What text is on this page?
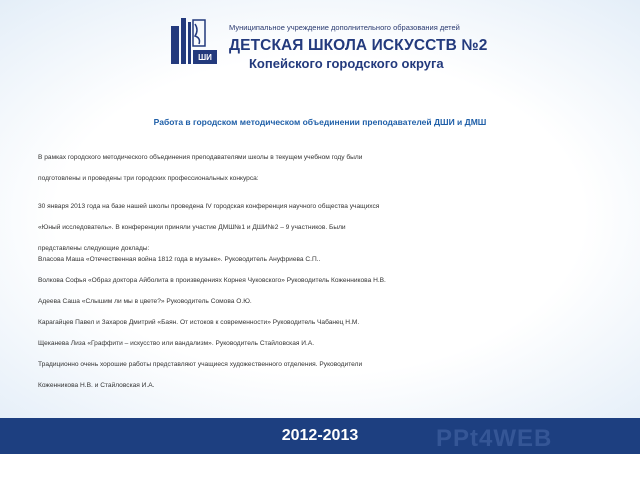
ШИ
Муниципальное учреждение дополнительного образования детей
ДЕТСКАЯ ШКОЛА ИСКУССТВ №2
Копейского городского округа
Работа в городском методическом объединении преподавателей ДШИ и ДМШ

В рамках городского методического объединения преподавателями школы в текущем учебном году были

подготовлены и проведены три городских профессиональных конкурса:

30 января 2013 года на базе нашей школы проведена IV городская конференция научного общества учащихся

«Юный исследователь». В конференции приняли участие ДМШ№1 и ДШИ№2 – 9 участников. Были

представлены следующие доклады:

Власова Маша «Отечественная война 1812 года в музыке». Руководитель Ануфриева С.П..

Волкова Софья «Образ доктора Айболита в произведениях Корнея Чуковского» Руководитель Коженникова Н.В.

Адеева Саша «Слышим ли мы в цвете?» Руководитель Сомова О.Ю.

Карагайцев Павел и Захаров Дмитрий «Баян. От истоков к современности» Руководитель Чабанец Н.М.

Щеканева Лиза «Граффити – искусство или вандализм». Руководитель Стайловская И.А.

Традиционно очень хорошие работы представляют учащиеся художественного отделения. Руководители

Коженникова Н.В. и Стайловская И.А.

2012-2013	PPt4WEB
